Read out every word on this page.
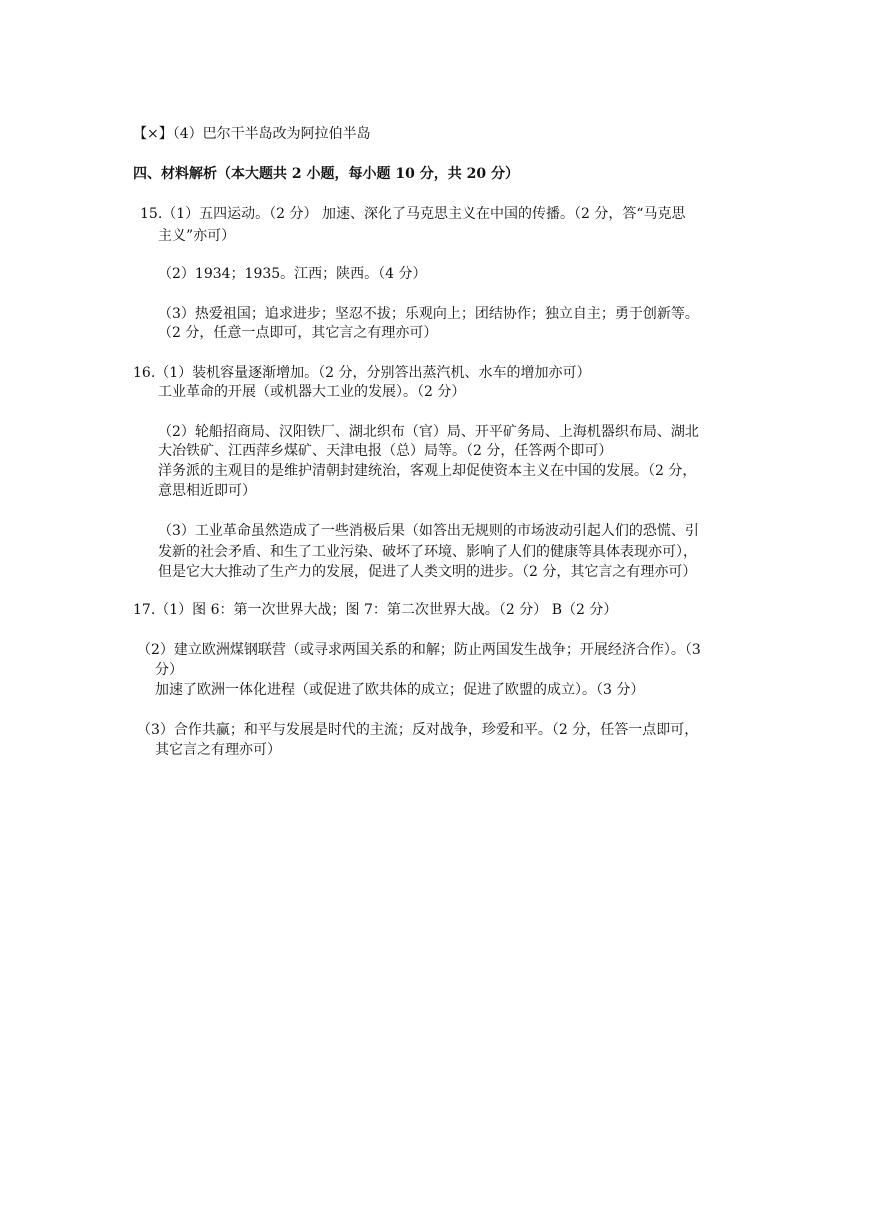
【×】（4）巴尔干半岛改为阿拉伯半岛
四、材料解析（本大题共 2 小题，每小题 10 分，共 20 分）
15.（1）五四运动。（2 分） 加速、深化了马克思主义在中国的传播。（2 分，答“马克思
主义”亦可）
（2）1934；1935。江西；陕西。（4 分）
（3）热爱祖国；追求进步；坚忍不拔；乐观向上；团结协作；独立自主；勇于创新等。
（2 分，任意一点即可，其它言之有理亦可）
16.（1）装机容量逐渐增加。（2 分，分别答出蒸汽机、水车的增加亦可）
工业革命的开展（或机器大工业的发展）。（2 分）
（2）轮船招商局、汉阳铁厂、湖北织布（官）局、开平矿务局、上海机器织布局、湖北
大冶铁矿、江西萍乡煤矿、天津电报（总）局等。（2 分，任答两个即可）
洋务派的主观目的是维护清朝封建统治，客观上却促使资本主义在中国的发展。（2 分，
意思相近即可）
（3）工业革命虽然造成了一些消极后果（如答出无规则的市场波动引起人们的恐慌、引
发新的社会矛盾、和生了工业污染、破坏了环境、影响了人们的健康等具体表现亦可），
但是它大大推动了生产力的发展，促进了人类文明的进步。（2 分，其它言之有理亦可）
17.（1）图 6：第一次世界大战；图 7：第二次世界大战。（2 分） B（2 分）
（2）建立欧洲煤钢联营（或寻求两国关系的和解；防止两国发生战争；开展经济合作）。（3
分）
加速了欧洲一体化进程（或促进了欧共体的成立；促进了欧盟的成立）。（3 分）
（3）合作共赢；和平与发展是时代的主流；反对战争，珍爱和平。（2 分，任答一点即可，
其它言之有理亦可）
